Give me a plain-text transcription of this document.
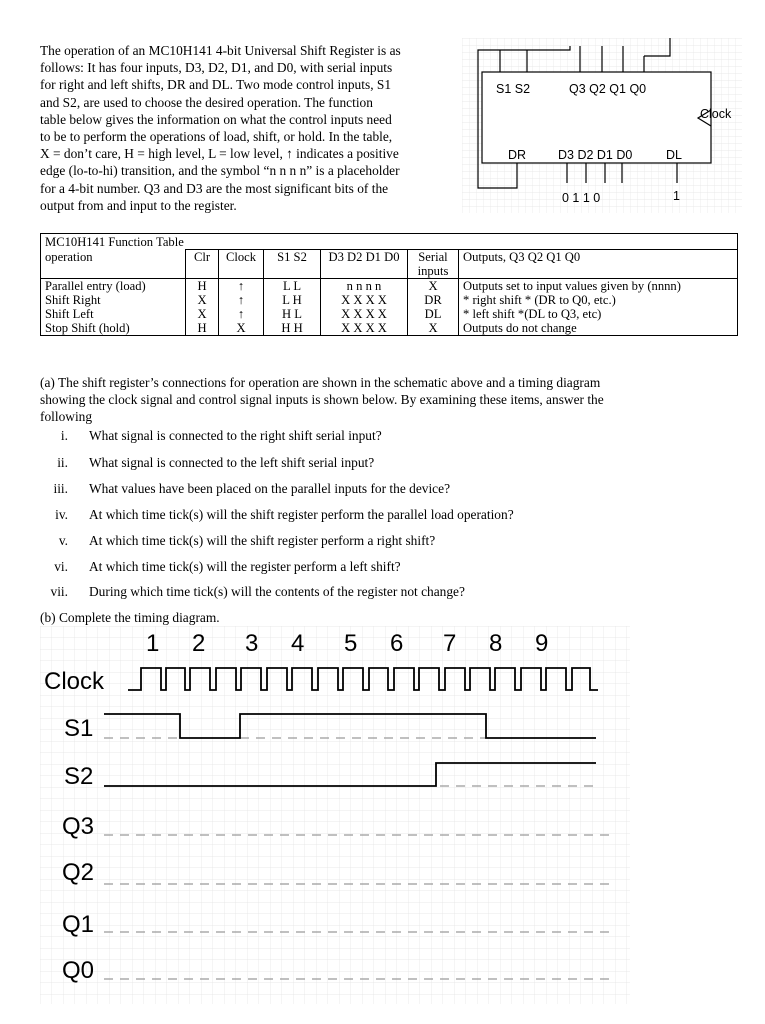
The operation of an MC10H141 4-bit Universal Shift Register is as

follows: It has four inputs, D3, D2, D1, and D0, with serial inputs

for right and left shifts, DR and DL. Two mode control inputs, S1

and S2, are used to choose the desired operation. The function

table below gives the information on what the control inputs need

to be to perform the operations of load, shift, or hold. In the table,

X = don’t care, H = high level, L = low level, ↑ indicates a positive

edge (lo-to-hi) transition, and the symbol “n n n n” is a placeholder

for a 4-bit number. Q3 and D3 are the most significant bits of the

output from and input to the register.

S1 S2	Q3 Q2 Q1 Q0
Clock
DR	D3 D2 D1 D0	DL
0 1 1 0	1
MC10H141 Function Table						
operation	Clr	Clock	S1 S2	D3 D2 D1 D0	Serial inputs	Outputs, Q3 Q2 Q1 Q0
Parallel entry (load)	H	↑	L L	n n n n	X	Outputs set to input values given by (nnnn)
Shift Right	X	↑	L H	X X X X	DR	* right shift * (DR to Q0, etc.)
Shift Left	X	↑	H L	X X X X	DL	* left shift *(DL to Q3, etc)
Stop Shift (hold)	H	X	H H	X X X X	X	Outputs do not change

(a) The shift register’s connections for operation are shown in the schematic above and a timing diagram

showing the clock signal and control signal inputs is shown below. By examining these items, answer the

following

i. What signal is connected to the right shift serial input?
ii. What signal is connected to the left shift serial input?
iii. What values have been placed on the parallel inputs for the device?
iv. At which time tick(s) will the shift register perform the parallel load operation?
v. At which time tick(s) will the shift register perform a right shift?
vi. At which time tick(s) will the register perform a left shift?
vii. During which time tick(s) will the contents of the register not change?
(b) Complete the timing diagram.
1 2 3 4 5 6 7 8 9
Clock
S1
S2
Q3
Q2
Q1
Q0
